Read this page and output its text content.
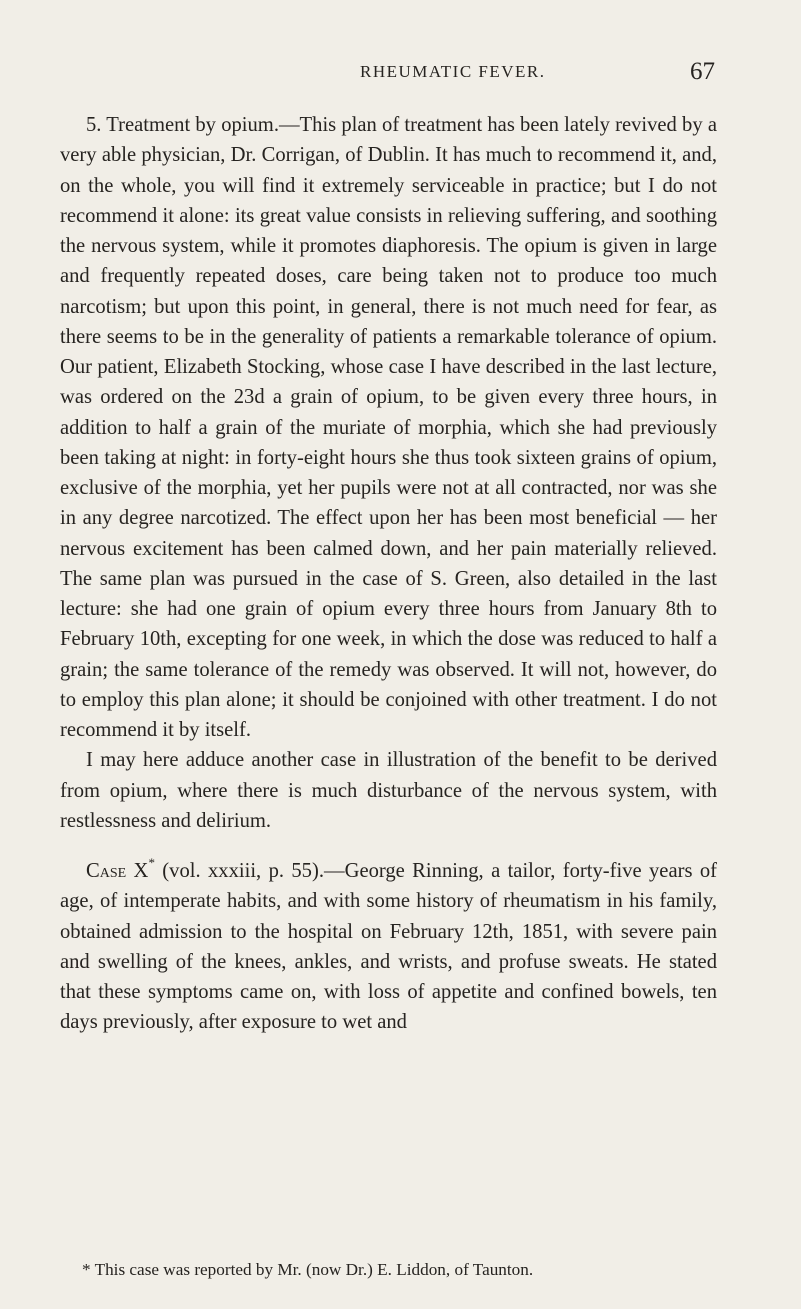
RHEUMATIC FEVER.	67

5. Treatment by opium.—This plan of treatment has been lately revived by a very able physician, Dr. Corrigan, of Dublin. It has much to recommend it, and, on the whole, you will find it extremely serviceable in practice; but I do not recommend it alone: its great value consists in relieving suffering, and soothing the nervous system, while it promotes diaphoresis. The opium is given in large and frequently repeated doses, care being taken not to produce too much narcotism; but upon this point, in general, there is not much need for fear, as there seems to be in the generality of patients a remarkable tolerance of opium. Our patient, Elizabeth Stocking, whose case I have described in the last lecture, was ordered on the 23d a grain of opium, to be given every three hours, in addition to half a grain of the muriate of morphia, which she had previously been taking at night: in forty-eight hours she thus took sixteen grains of opium, exclusive of the morphia, yet her pupils were not at all contracted, nor was she in any degree narcotized. The effect upon her has been most beneficial — her nervous excitement has been calmed down, and her pain materially relieved. The same plan was pursued in the case of S. Green, also detailed in the last lecture: she had one grain of opium every three hours from January 8th to February 10th, excepting for one week, in which the dose was reduced to half a grain; the same tolerance of the remedy was observed. It will not, however, do to employ this plan alone; it should be conjoined with other treatment. I do not recommend it by itself.

I may here adduce another case in illustration of the benefit to be derived from opium, where there is much disturbance of the nervous system, with restlessness and delirium.

Case X* (vol. xxxiii, p. 55).—George Rinning, a tailor, forty-five years of age, of intemperate habits, and with some history of rheumatism in his family, obtained admission to the hospital on February 12th, 1851, with severe pain and swelling of the knees, ankles, and wrists, and profuse sweats. He stated that these symptoms came on, with loss of appetite and confined bowels, ten days previously, after exposure to wet and

* This case was reported by Mr. (now Dr.) E. Liddon, of Taunton.
